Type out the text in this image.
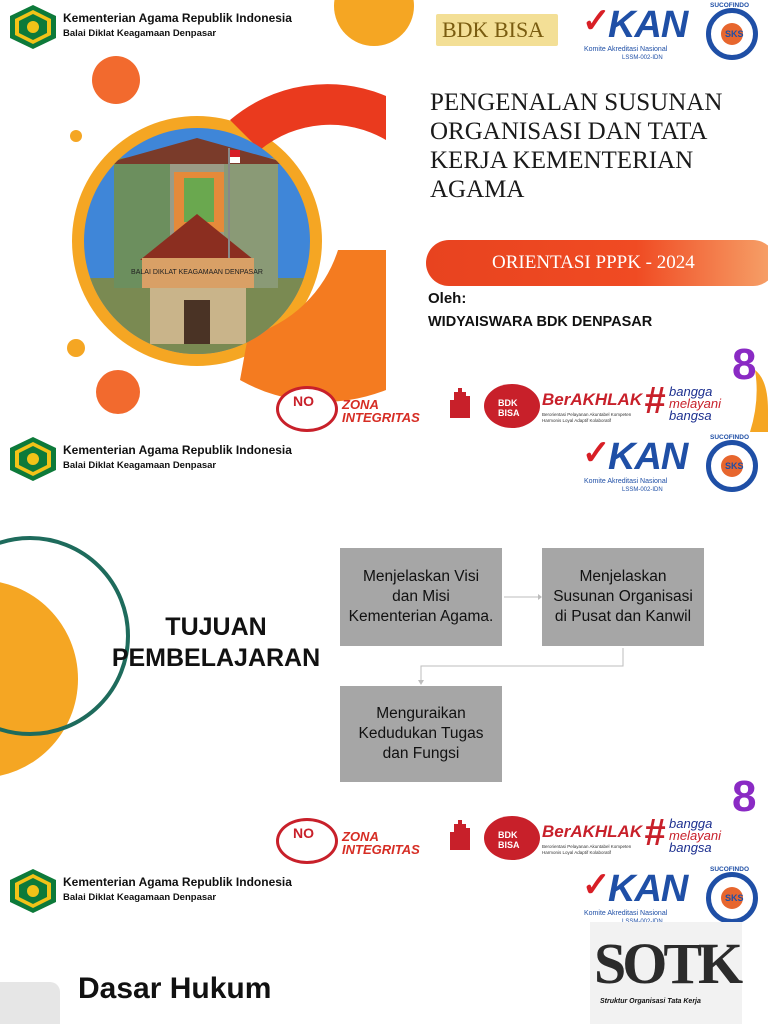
BALAI DIKLAT KEAGAMAAN DENPASAR
Kementerian Agama Republik Indonesia
Balai Diklat Keagamaan Denpasar	BDK BISA ✓
KAN
Komite Akreditasi Nasional
LSSM-002-IDN
SKS
SUCOFINDO
PENGENALAN SUSUNAN ORGANISASI DAN TATA KERJA KEMENTERIAN AGAMA
ORIENTASI PPPK - 2024
Oleh:
WIDYAISWARA BDK DENPASAR
NO ZONA
INTEGRITAS
BDK BISA
BerAKHLAK
Berorientasi Pelayanan Akuntabel Kompeten Harmonis Loyal Adaptif Kolaboratif # bangga
melayani
bangsa
8
Kementerian Agama Republik Indonesia
Balai Diklat Keagamaan Denpasar	✓
KAN
Komite Akreditasi Nasional
LSSM-002-IDN
SKS
SUCOFINDO
TUJUAN PEMBELAJARAN
Menjelaskan Visi dan Misi Kementerian Agama.
Menjelaskan Susunan Organisasi di Pusat dan Kanwil
Menguraikan Kedudukan Tugas dan Fungsi
NO ZONA
INTEGRITAS
BDK BISA
BerAKHLAK
Berorientasi Pelayanan Akuntabel Kompeten Harmonis Loyal Adaptif Kolaboratif # bangga
melayani
bangsa
8
Kementerian Agama Republik Indonesia
Balai Diklat Keagamaan Denpasar	✓
KAN
Komite Akreditasi Nasional
SKS
SUCOFINDO
Dasar Hukum	SOTK
Struktur Organisasi Tata Kerja
